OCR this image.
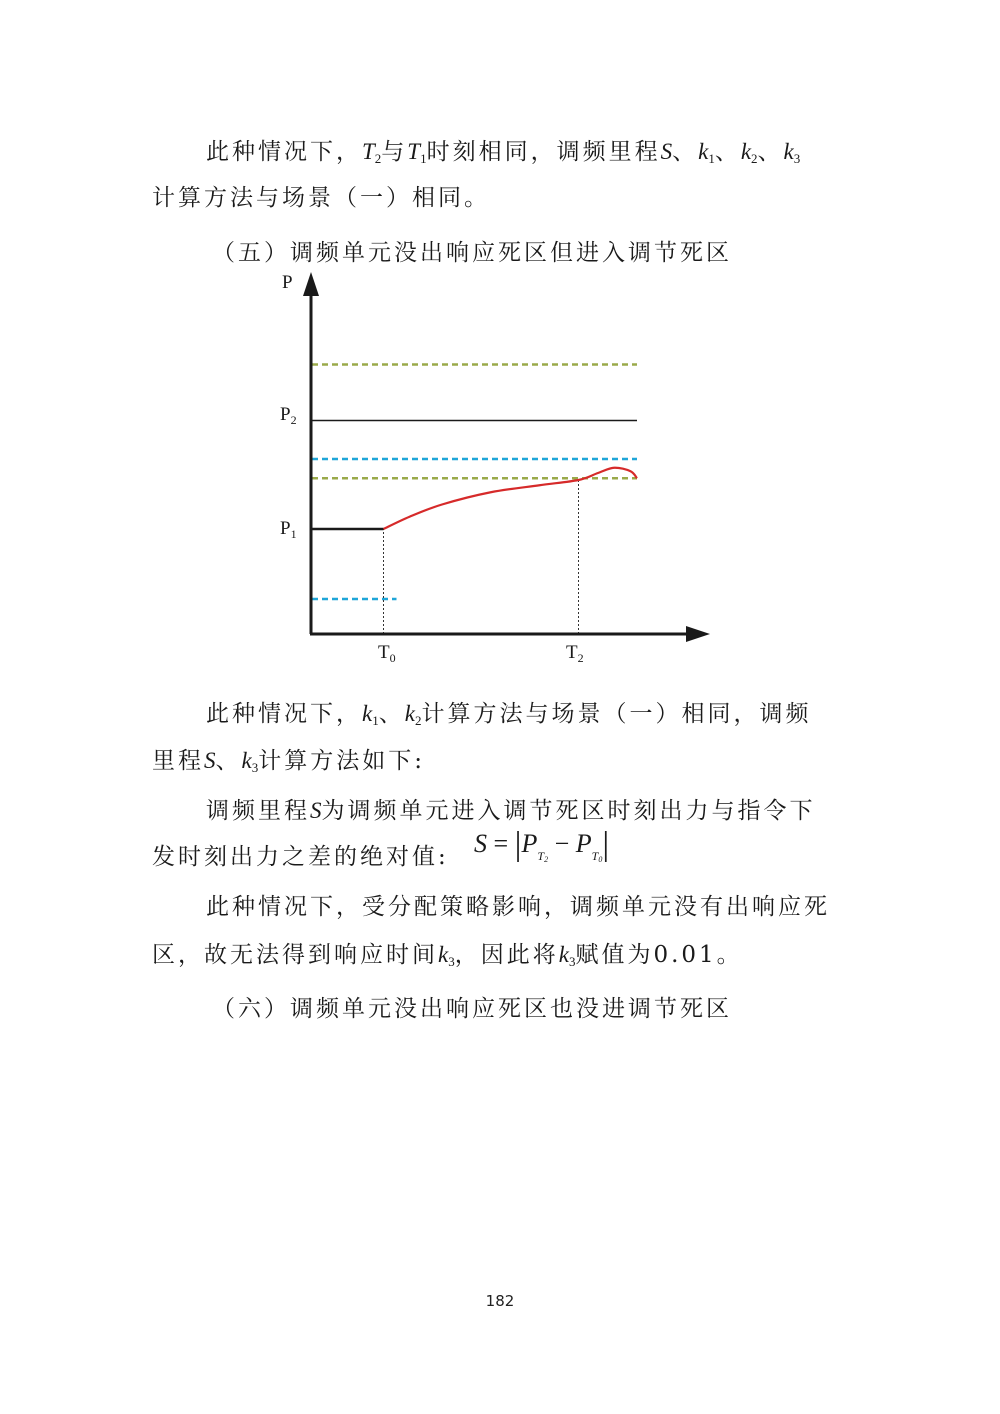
此种情况下，$T_2$与$T_1$时刻相同，调频里程S、$k_1$、$k_2$、$k_3$
计算方法与场景（一）相同。
（五）调频单元没出响应死区但进入调节死区
P
$P_2$
$P_1$
$T_0$	$T_2$
此种情况下，$k_1$、$k_2$计算方法与场景（一）相同，调频
里程S、$k_3$计算方法如下:
调频里程S为调频单元进入调节死区时刻出力与指令下
发时刻出力之差的绝对值: $S = |P_{T2} - P_{T0}|$
此种情况下，受分配策略影响，调频单元没有出响应死
区，故无法得到响应时间$k_3$，因此将$k_3$赋值为0.01。
（六）调频单元没出响应死区也没进调节死区
182
